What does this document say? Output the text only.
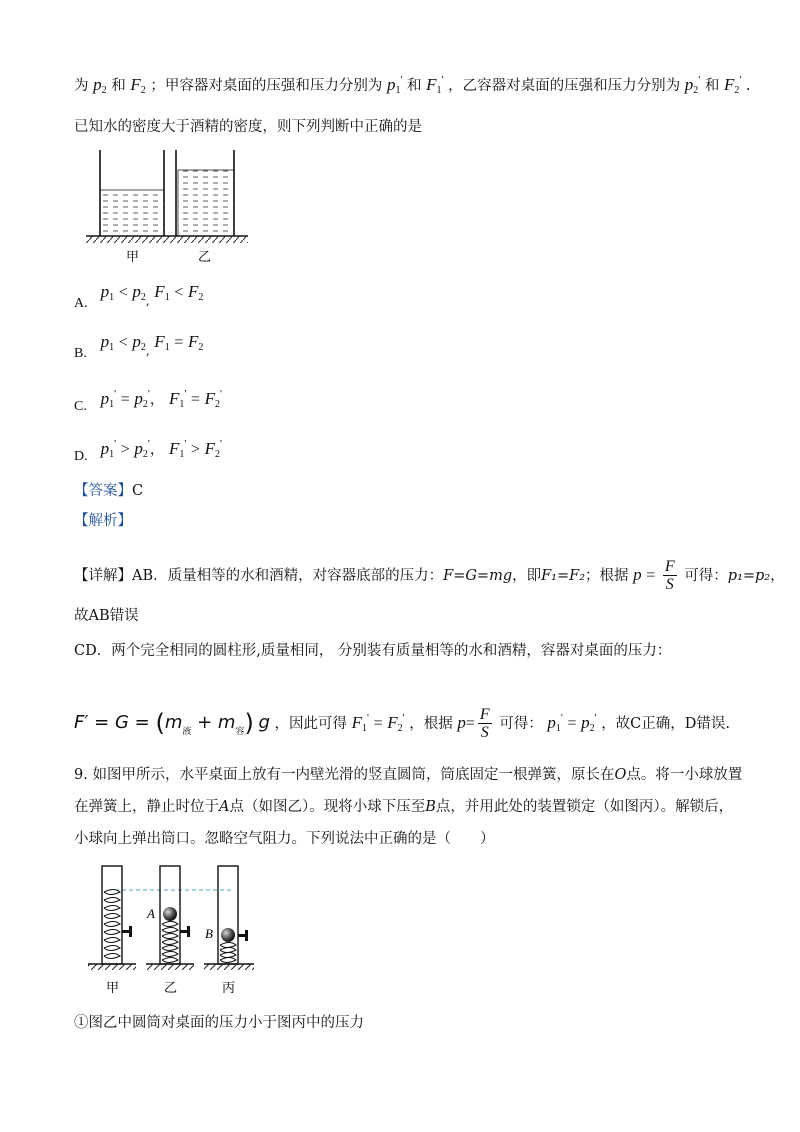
为 $p_2$ 和 $F_2$ ；甲容器对桌面的压强和压力分别为 $p_1'$ 和 $F_1'$ ，乙容器对桌面的压强和压力分别为 $p_2'$ 和 $F_2'$ .
已知水的密度大于酒精的密度，则下列判断中正确的是
甲	乙
A. $p_1 < p_{2,}$ $F_1 < F_2$
B. $p_1 < p_{2,}$ $F_1 = F_2$
C. $p_1' = p_2'$， $F_1' = F_2'$
D. $p_1' > p_2'$， $F_1' > F_2'$
【答案】C
【解析】
【详解】AB．质量相等的水和酒精，对容器底部的压力：F=G=mg，即F₁=F₂；根据 $p = \frac{F}{S}$ 可得：p₁=p₂，
故AB错误
CD．两个完全相同的圆柱形,质量相同， 分别装有质量相等的水和酒精，容器对桌面的压力：
$F' = G = (m_液 + m_容)$ g ，因此可得 $F_1' = F_2'$ ，根据 $p= \frac{F}{S}$ 可得： $p_1' = p_2'$ ，故C正确，D错误.
9. 如图甲所示，水平桌面上放有一内壁光滑的竖直圆筒，筒底固定一根弹簧，原长在O点。将一小球放置
在弹簧上，静止时位于A点（如图乙）。现将小球下压至B点，并用此处的装置锁定（如图丙）。解锁后，
小球向上弹出筒口。忽略空气阻力。下列说法中正确的是（　　）
A
B
甲	乙	丙
①图乙中圆筒对桌面的压力小于图丙中的压力
